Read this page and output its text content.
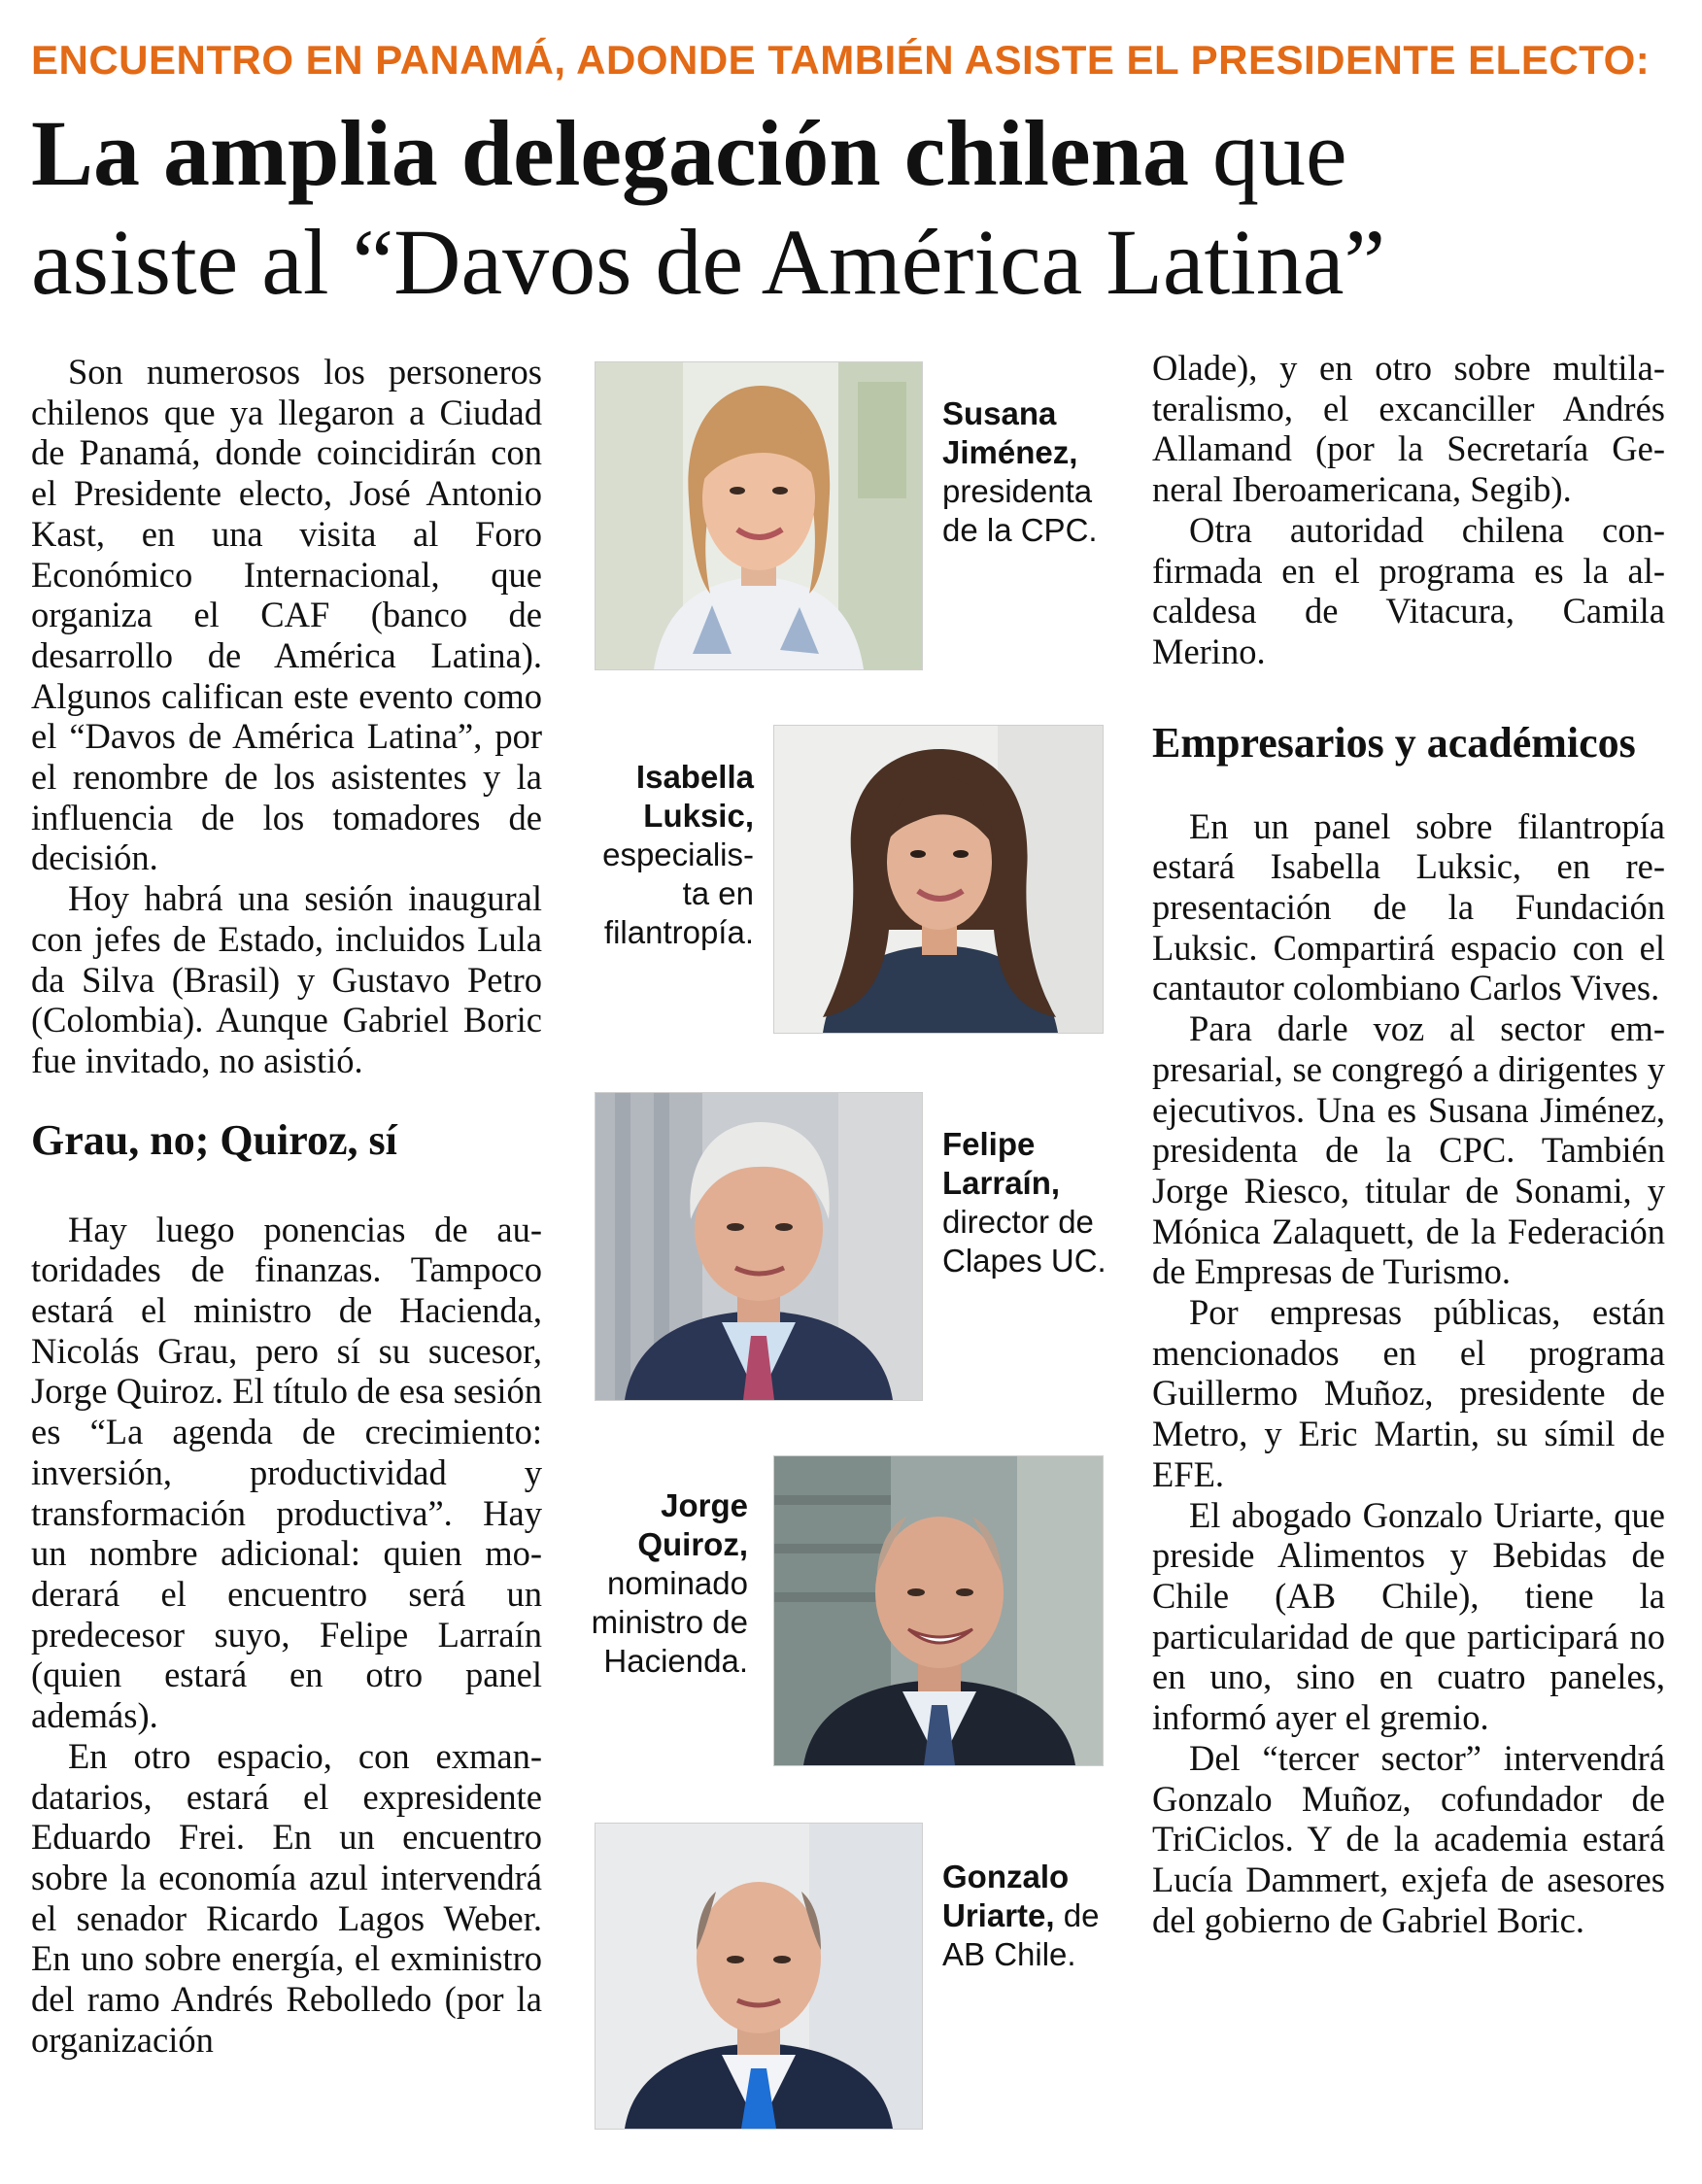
ENCUENTRO EN PANAMÁ, ADONDE TAMBIÉN ASISTE EL PRESIDENTE ELECTO:
La amplia delegación chilena que
asiste al “Davos de América Latina”

Son numerosos los personeros chilenos que ya llegaron a Ciudad de Panamá, donde coincidirán con el Presidente electo, José Antonio Kast, en una visita al Foro Económico Internacional, que organiza el CAF (banco de desarrollo de América Latina). Algunos califican este evento como el “Davos de América Latina”, por el renombre de los asistentes y la influencia de los tomadores de decisión.

Hoy habrá una sesión inaugural con jefes de Estado, incluidos Lula da Silva (Brasil) y Gustavo Petro (Colombia). Aunque Gabriel Boric fue invitado, no asistió.

Grau, no; Quiroz, sí

Hay luego ponencias de autoridades de finanzas. Tampoco estará el ministro de Hacienda, Nicolás Grau, pero sí su sucesor, Jorge Quiroz. El título de esa sesión es “La agenda de crecimiento: inversión, productividad y transformación productiva”. Hay un nombre adicional: quien moderará el encuentro será un predecesor suyo, Felipe Larraín (quien estará en otro panel además).

En otro espacio, con exmandatarios, estará el expresidente Eduardo Frei. En un encuentro sobre la economía azul intervendrá el senador Ricardo Lagos Weber. En uno sobre energía, el exministro del ramo Andrés Rebolledo (por la organización

Olade), y en otro sobre multilateralismo, el excanciller Andrés Allamand (por la Secretaría General Iberoamericana, Segib).

Otra autoridad chilena confirmada en el programa es la alcaldesa de Vitacura, Camila Merino.

Empresarios y académicos

En un panel sobre filantropía estará Isabella Luksic, en representación de la Fundación Luksic. Compartirá espacio con el cantautor colombiano Carlos Vives.

Para darle voz al sector empresarial, se congregó a dirigentes y ejecutivos. Una es Susana Jiménez, presidenta de la CPC. También Jorge Riesco, titular de Sonami, y Mónica Zalaquett, de la Federación de Empresas de Turismo.

Por empresas públicas, están mencionados en el programa Guillermo Muñoz, presidente de Metro, y Eric Martin, su símil de EFE.

El abogado Gonzalo Uriarte, que preside Alimentos y Bebidas de Chile (AB Chile), tiene la particularidad de que participará no en uno, sino en cuatro paneles, informó ayer el gremio.

Del “tercer sector” intervendrá Gonzalo Muñoz, cofundador de TriCiclos. Y de la academia estará Lucía Dammert, exjefa de asesores del gobierno de Gabriel Boric.

Susana
Jiménez,
presidenta
de la CPC.
Isabella
Luksic,
especialis-
ta en
filantropía.
Felipe
Larraín,
director de
Clapes UC.
Jorge
Quiroz,
nominado
ministro de
Hacienda.
Gonzalo
Uriarte, de
AB Chile.
